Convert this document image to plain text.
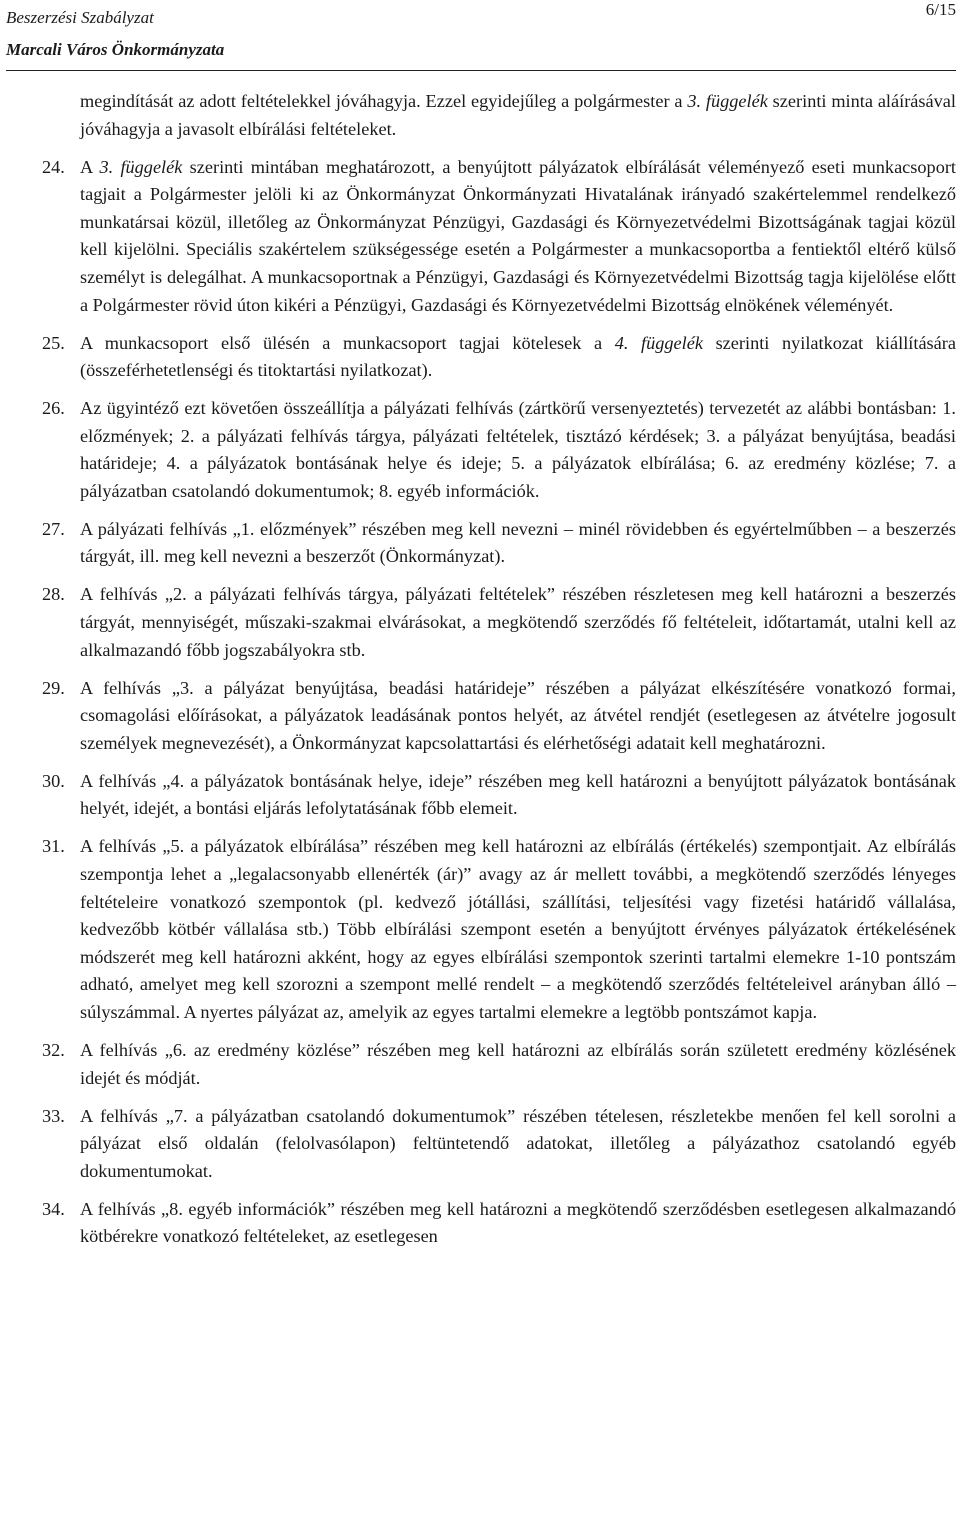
Beszerzési Szabályzat
Marcali Város Önkormányzata
6/15

megindítását az adott feltételekkel jóváhagyja. Ezzel egyidejűleg a polgármester a 3. függelék szerinti minta aláírásával jóváhagyja a javasolt elbírálási feltételeket.

24. A 3. függelék szerinti mintában meghatározott, a benyújtott pályázatok elbírálását véleményező eseti munkacsoport tagjait a Polgármester jelöli ki az Önkormányzat Önkormányzati Hivatalának irányadó szakértelemmel rendelkező munkatársai közül, illetőleg az Önkormányzat Pénzügyi, Gazdasági és Környezetvédelmi Bizottságának tagjai közül kell kijelölni. Speciális szakértelem szükségessége esetén a Polgármester a munkacsoportba a fentiektől eltérő külső személyt is delegálhat. A munkacsoportnak a Pénzügyi, Gazdasági és Környezetvédelmi Bizottság tagja kijelölése előtt a Polgármester rövid úton kikéri a Pénzügyi, Gazdasági és Környezetvédelmi Bizottság elnökének véleményét.

25. A munkacsoport első ülésén a munkacsoport tagjai kötelesek a 4. függelék szerinti nyilatkozat kiállítására (összeférhetetlenségi és titoktartási nyilatkozat).

26. Az ügyintéző ezt követően összeállítja a pályázati felhívás (zártkörű versenyeztetés) tervezetét az alábbi bontásban: 1. előzmények; 2. a pályázati felhívás tárgya, pályázati feltételek, tisztázó kérdések; 3. a pályázat benyújtása, beadási határideje; 4. a pályázatok bontásának helye és ideje; 5. a pályázatok elbírálása; 6. az eredmény közlése; 7. a pályázatban csatolandó dokumentumok; 8. egyéb információk.

27. A pályázati felhívás „1. előzmények” részében meg kell nevezni – minél rövidebben és egyértelműbben – a beszerzés tárgyát, ill. meg kell nevezni a beszerzőt (Önkormányzat).

28. A felhívás „2. a pályázati felhívás tárgya, pályázati feltételek” részében részletesen meg kell határozni a beszerzés tárgyát, mennyiségét, műszaki-szakmai elvárásokat, a megkötendő szerződés fő feltételeit, időtartamát, utalni kell az alkalmazandó főbb jogszabályokra stb.

29. A felhívás „3. a pályázat benyújtása, beadási határideje” részében a pályázat elkészítésére vonatkozó formai, csomagolási előírásokat, a pályázatok leadásának pontos helyét, az átvétel rendjét (esetlegesen az átvételre jogosult személyek megnevezését), a Önkormányzat kapcsolattartási és elérhetőségi adatait kell meghatározni.

30. A felhívás „4. a pályázatok bontásának helye, ideje” részében meg kell határozni a benyújtott pályázatok bontásának helyét, idejét, a bontási eljárás lefolytatásának főbb elemeit.

31. A felhívás „5. a pályázatok elbírálása” részében meg kell határozni az elbírálás (értékelés) szempontjait. Az elbírálás szempontja lehet a „legalacsonyabb ellenérték (ár)” avagy az ár mellett további, a megkötendő szerződés lényeges feltételeire vonatkozó szempontok (pl. kedvező jótállási, szállítási, teljesítési vagy fizetési határidő vállalása, kedvezőbb kötbér vállalása stb.) Több elbírálási szempont esetén a benyújtott érvényes pályázatok értékelésének módszerét meg kell határozni akként, hogy az egyes elbírálási szempontok szerinti tartalmi elemekre 1-10 pontszám adható, amelyet meg kell szorozni a szempont mellé rendelt – a megkötendő szerződés feltételeivel arányban álló – súlyszámmal. A nyertes pályázat az, amelyik az egyes tartalmi elemekre a legtöbb pontszámot kapja.

32. A felhívás „6. az eredmény közlése” részében meg kell határozni az elbírálás során született eredmény közlésének idejét és módját.

33. A felhívás „7. a pályázatban csatolandó dokumentumok” részében tételesen, részletekbe menően fel kell sorolni a pályázat első oldalán (felolvasólapon) feltüntetendő adatokat, illetőleg a pályázathoz csatolandó egyéb dokumentumokat.

34. A felhívás „8. egyéb információk” részében meg kell határozni a megkötendő szerződésben esetlegesen alkalmazandó kötbérekre vonatkozó feltételeket, az esetlegesen
